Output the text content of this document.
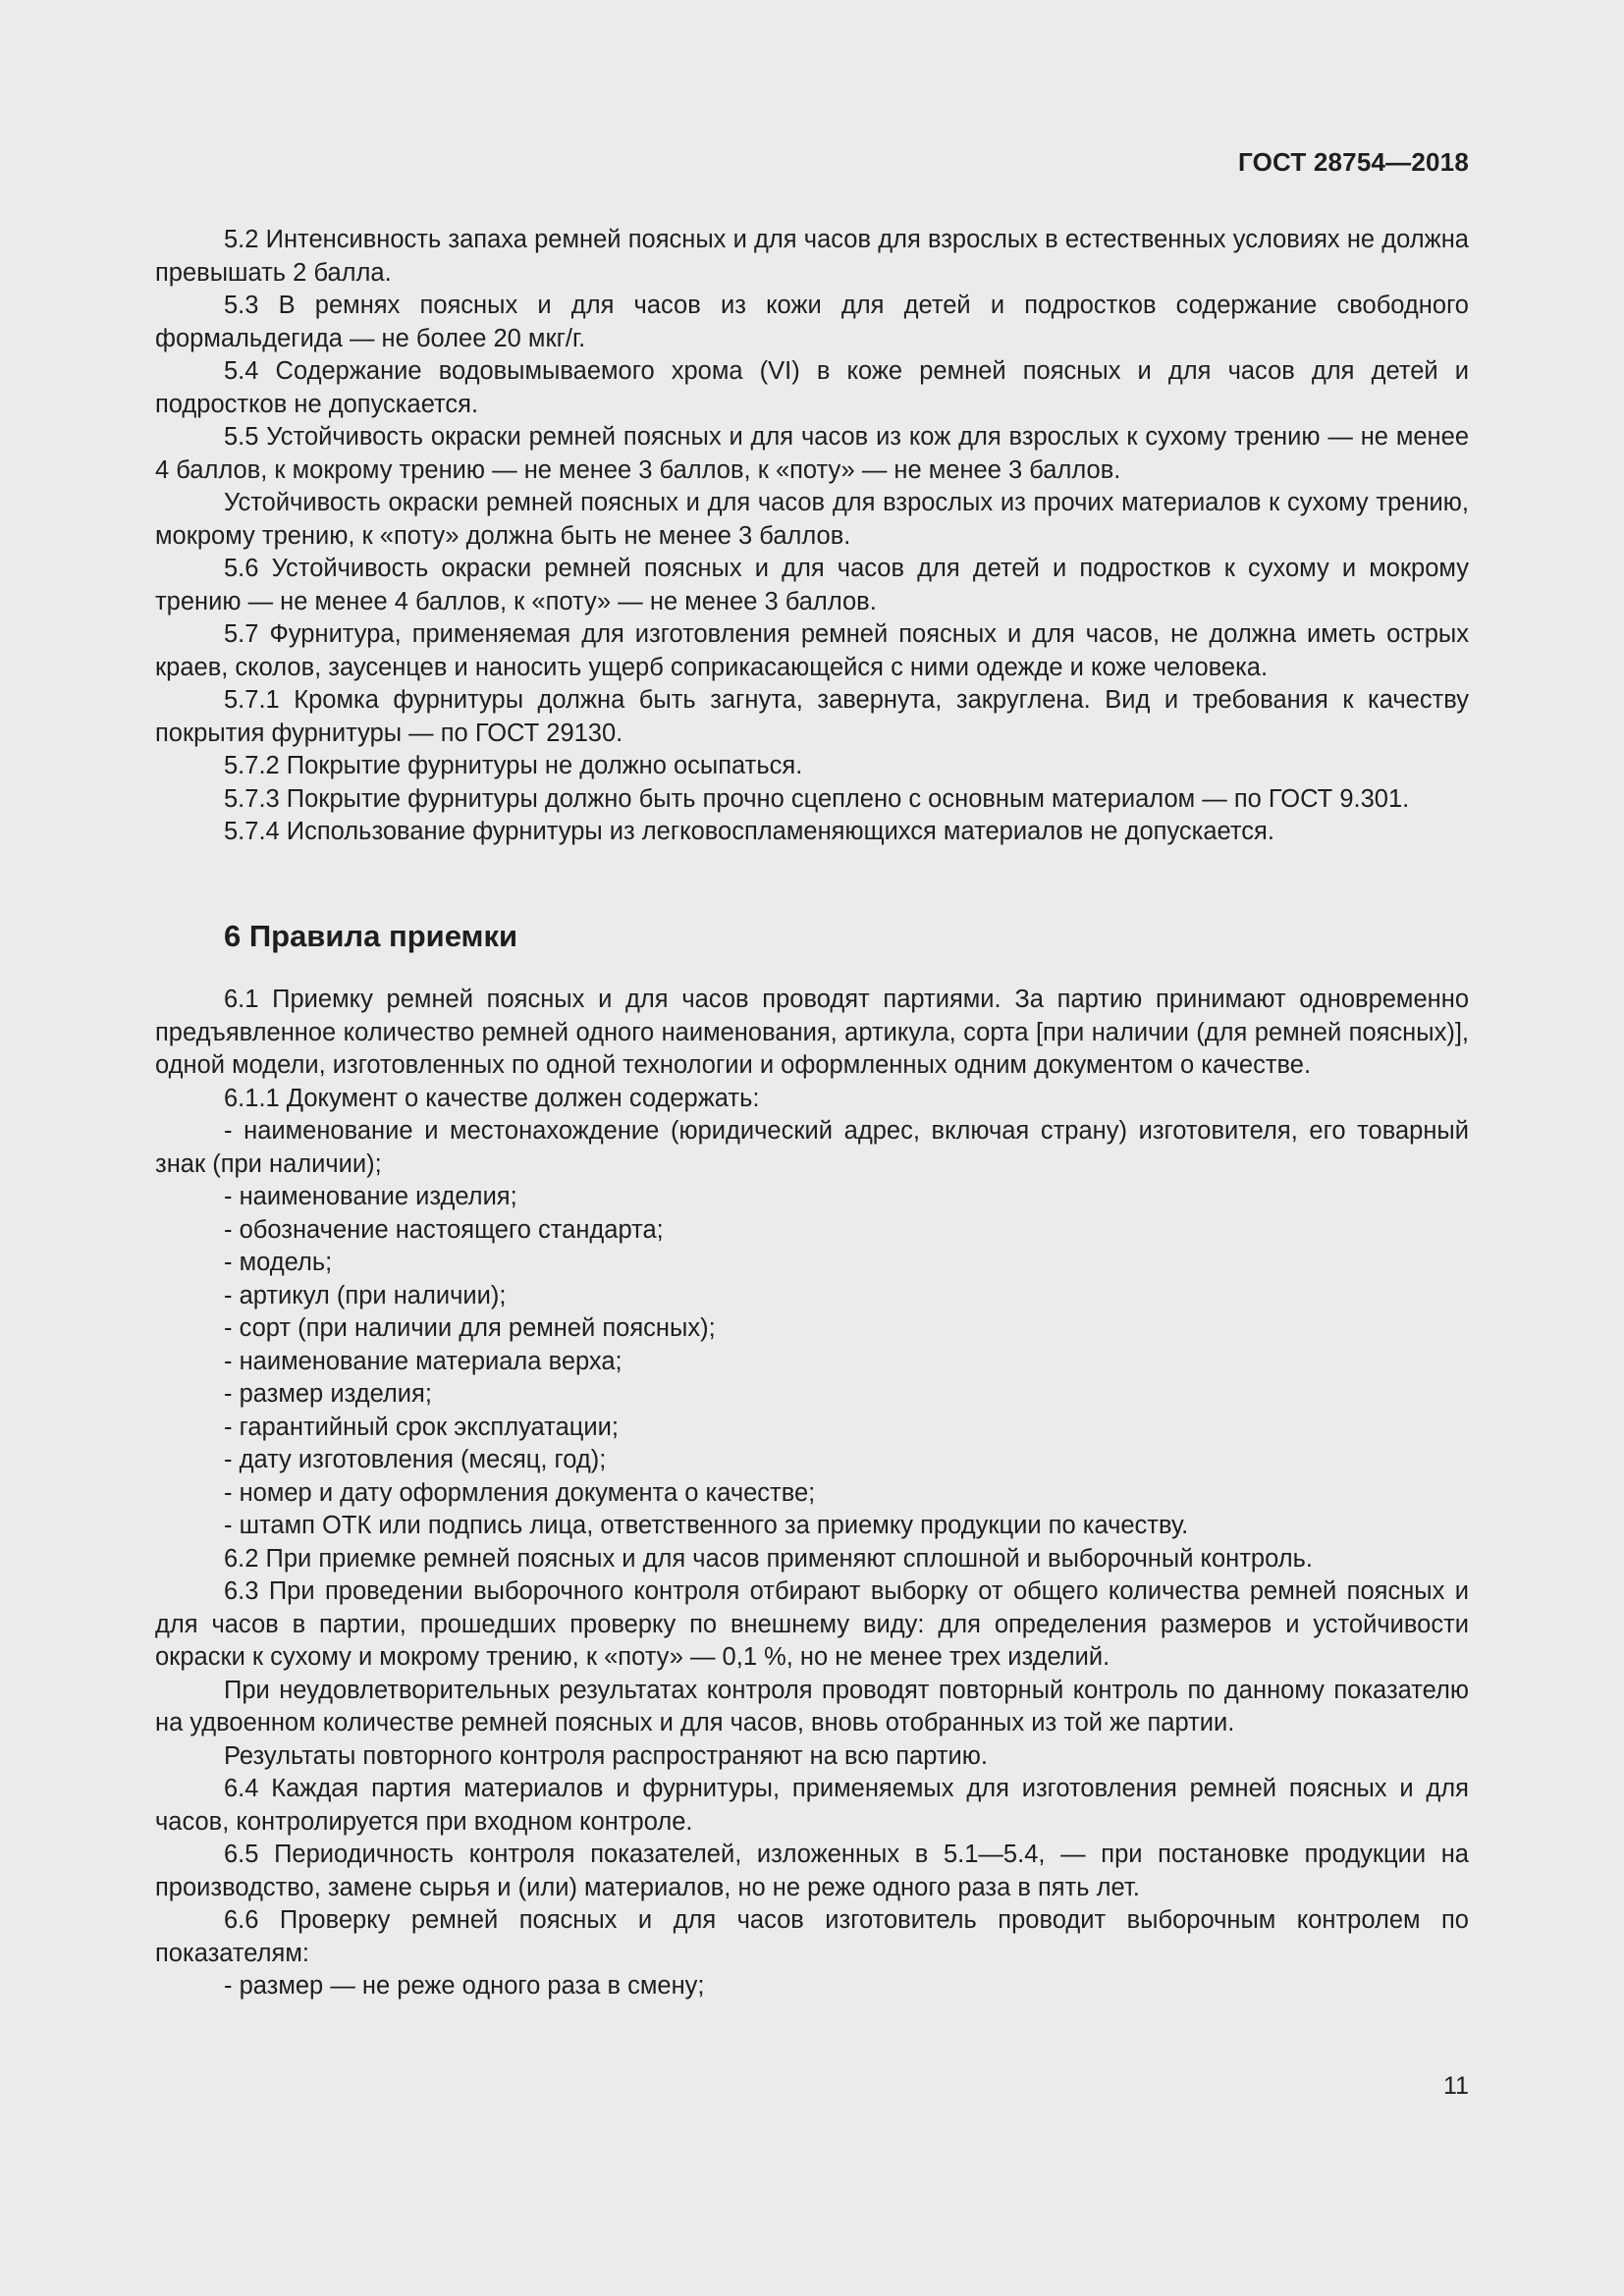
ГОСТ 28754—2018

5.2 Интенсивность запаха ремней поясных и для часов для взрослых в естественных условиях не должна превышать 2 балла.

5.3 В ремнях поясных и для часов из кожи для детей и подростков содержание свободного формальдегида — не более 20 мкг/г.

5.4 Содержание водовымываемого хрома (VI) в коже ремней поясных и для часов для детей и подростков не допускается.

5.5 Устойчивость окраски ремней поясных и для часов из кож для взрослых к сухому трению — не менее 4 баллов, к мокрому трению — не менее 3 баллов, к «поту» — не менее 3 баллов.

Устойчивость окраски ремней поясных и для часов для взрослых из прочих материалов к сухому трению, мокрому трению, к «поту» должна быть не менее 3 баллов.

5.6 Устойчивость окраски ремней поясных и для часов для детей и подростков к сухому и мокрому трению — не менее 4 баллов, к «поту» — не менее 3 баллов.

5.7 Фурнитура, применяемая для изготовления ремней поясных и для часов, не должна иметь острых краев, сколов, заусенцев и наносить ущерб соприкасающейся с ними одежде и коже человека.

5.7.1 Кромка фурнитуры должна быть загнута, завернута, закруглена. Вид и требования к качеству покрытия фурнитуры — по ГОСТ 29130.

5.7.2 Покрытие фурнитуры не должно осыпаться.

5.7.3 Покрытие фурнитуры должно быть прочно сцеплено с основным материалом — по ГОСТ 9.301.

5.7.4 Использование фурнитуры из легковоспламеняющихся материалов не допускается.

6 Правила приемки

6.1 Приемку ремней поясных и для часов проводят партиями. За партию принимают одновременно предъявленное количество ремней одного наименования, артикула, сорта [при наличии (для ремней поясных)], одной модели, изготовленных по одной технологии и оформленных одним документом о качестве.

6.1.1 Документ о качестве должен содержать:

- наименование и местонахождение (юридический адрес, включая страну) изготовителя, его товарный знак (при наличии);

- наименование изделия;

- обозначение настоящего стандарта;

- модель;

- артикул (при наличии);

- сорт (при наличии для ремней поясных);

- наименование материала верха;

- размер изделия;

- гарантийный срок эксплуатации;

- дату изготовления (месяц, год);

- номер и дату оформления документа о качестве;

- штамп ОТК или подпись лица, ответственного за приемку продукции по качеству.

6.2 При приемке ремней поясных и для часов применяют сплошной и выборочный контроль.

6.3 При проведении выборочного контроля отбирают выборку от общего количества ремней поясных и для часов в партии, прошедших проверку по внешнему виду: для определения размеров и устойчивости окраски к сухому и мокрому трению, к «поту» — 0,1 %, но не менее трех изделий.

При неудовлетворительных результатах контроля проводят повторный контроль по данному показателю на удвоенном количестве ремней поясных и для часов, вновь отобранных из той же партии.

Результаты повторного контроля распространяют на всю партию.

6.4 Каждая партия материалов и фурнитуры, применяемых для изготовления ремней поясных и для часов, контролируется при входном контроле.

6.5 Периодичность контроля показателей, изложенных в 5.1—5.4, — при постановке продукции на производство, замене сырья и (или) материалов, но не реже одного раза в пять лет.

6.6 Проверку ремней поясных и для часов изготовитель проводит выборочным контролем по показателям:

- размер — не реже одного раза в смену;

11
